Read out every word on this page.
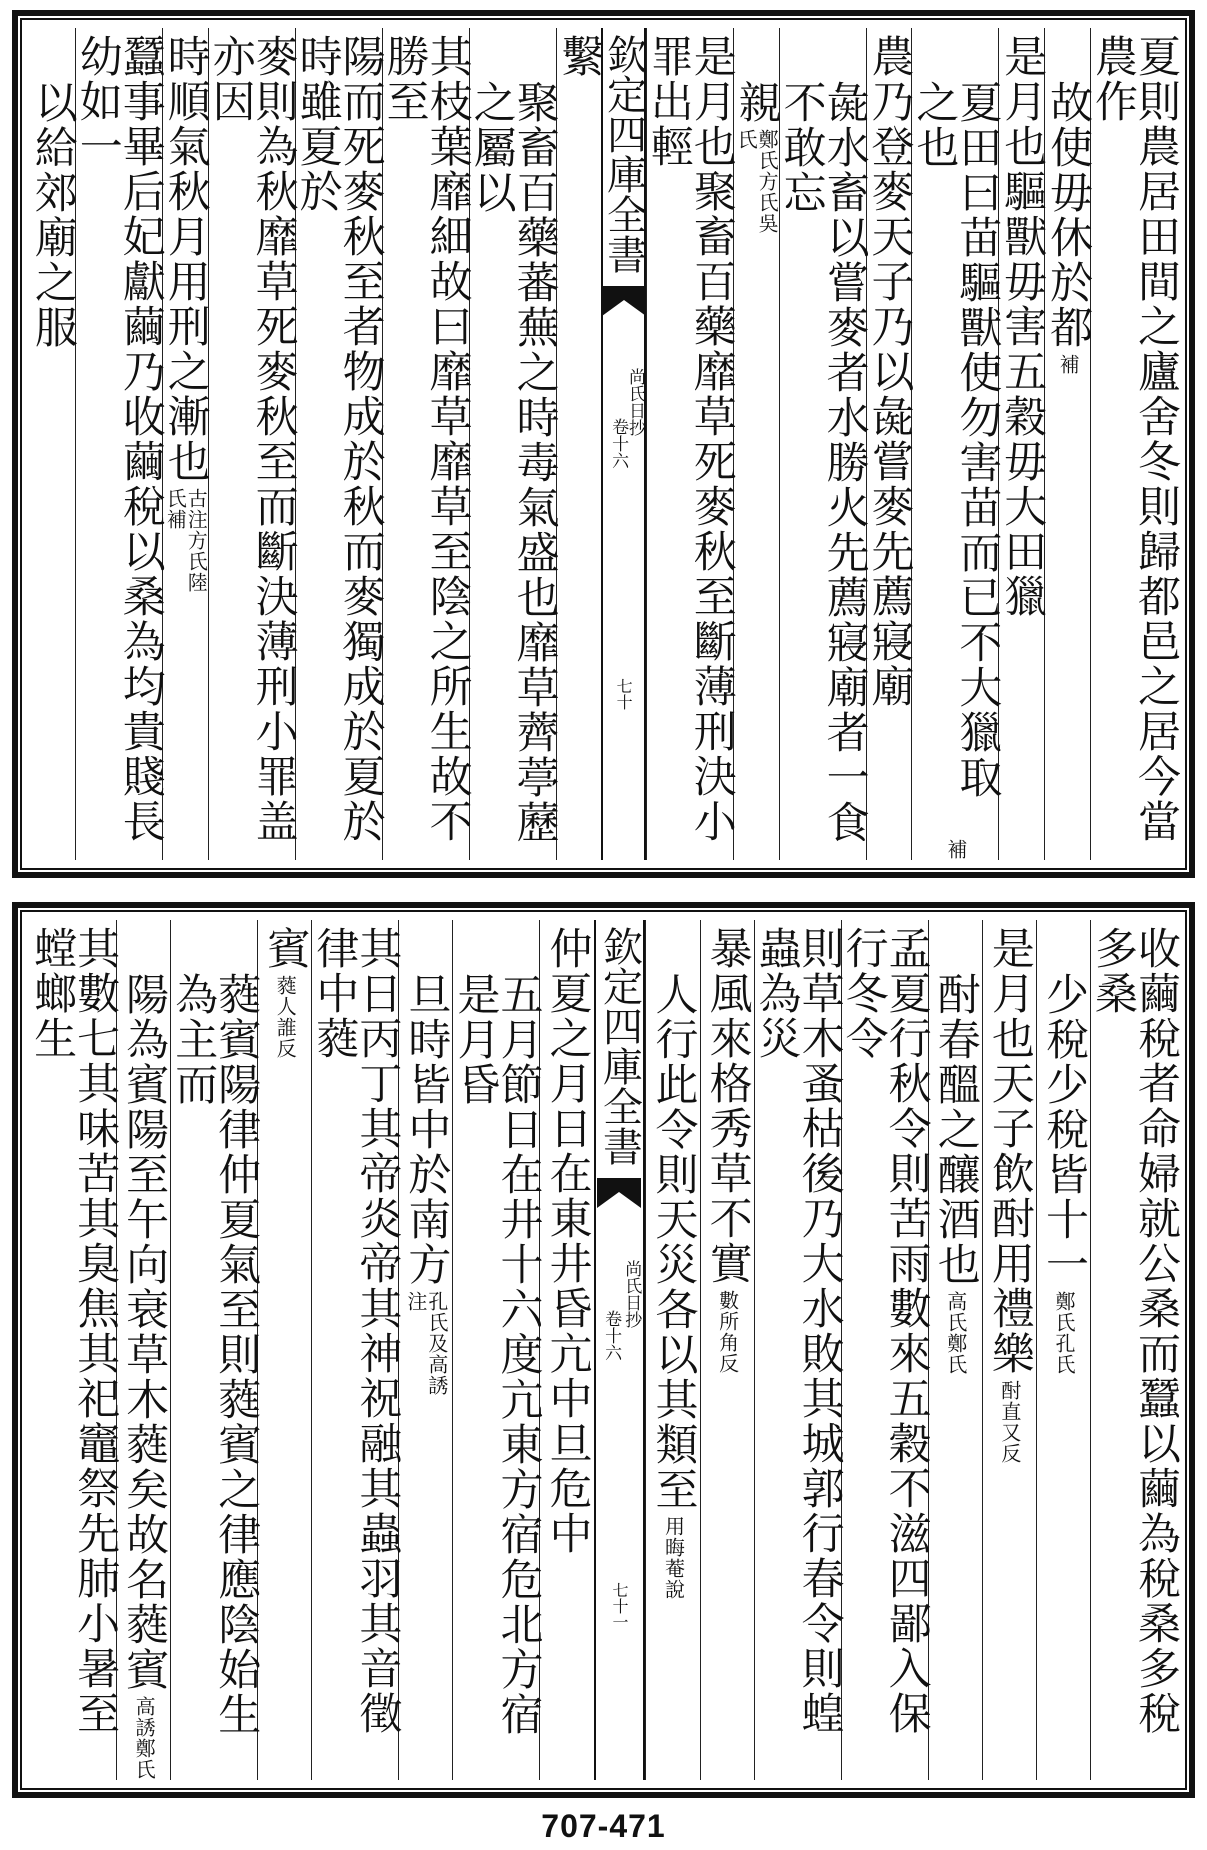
夏則農居田間之廬舍冬則歸都邑之居今當農作
故使毋休於都
補
是月也驅獸毋害五穀毋大田獵
夏田曰苗驅獸使勿害苗而已不大獵取之也
補
農乃登麥天子乃以彘嘗麥先薦寢廟
彘水畜以嘗麥者水勝火先薦寢廟者一食不敢忘
親
鄭氏方氏吳氏
是月也聚畜百藥靡草死麥秋至斷薄刑決小罪出輕
欽定四庫全書
尚氏日抄
卷十六
七十
繫
聚畜百藥蕃蕪之時毒氣盛也靡草薺葶藶之屬以
其枝葉靡細故曰靡草靡草至陰之所生故不勝至
陽而死麥秋至者物成於秋而麥獨成於夏於時雖夏於
麥則為秋靡草死麥秋至而斷決薄刑小罪盖亦因
時順氣秋月用刑之漸也
古注方氏陸氏補
蠶事畢后妃獻繭乃收繭稅以桑為均貴賤長幼如一
以給郊廟之服
收繭稅者命婦就公桑而蠶以繭為稅桑多稅多桑
少稅少稅皆十一
鄭氏孔氏
是月也天子飲酎用禮樂
酎直又反
酎春醞之釀酒也
高氏鄭氏
孟夏行秋令則苦雨數來五穀不滋四鄙入保行冬令
則草木蚤枯後乃大水敗其城郭行春令則蝗蟲為災
暴風來格秀草不實
數所角反
人行此令則天災各以其類至
用晦菴說
欽定四庫全書
尚氏日抄
卷十六
七十一
仲夏之月日在東井昏亢中旦危中
五月節日在井十六度亢東方宿危北方宿是月昏
旦時皆中於南方
孔氏及高誘注
其日丙丁其帝炎帝其神祝融其蟲羽其音徵律中蕤
賓
蕤人誰反
蕤賓陽律仲夏氣至則蕤賓之律應陰始生為主而
陽為賓陽至午向衰草木蕤矣故名蕤賓
高誘鄭氏
其數七其味苦其臭焦其祀竈祭先肺小暑至螳螂生
707-471
